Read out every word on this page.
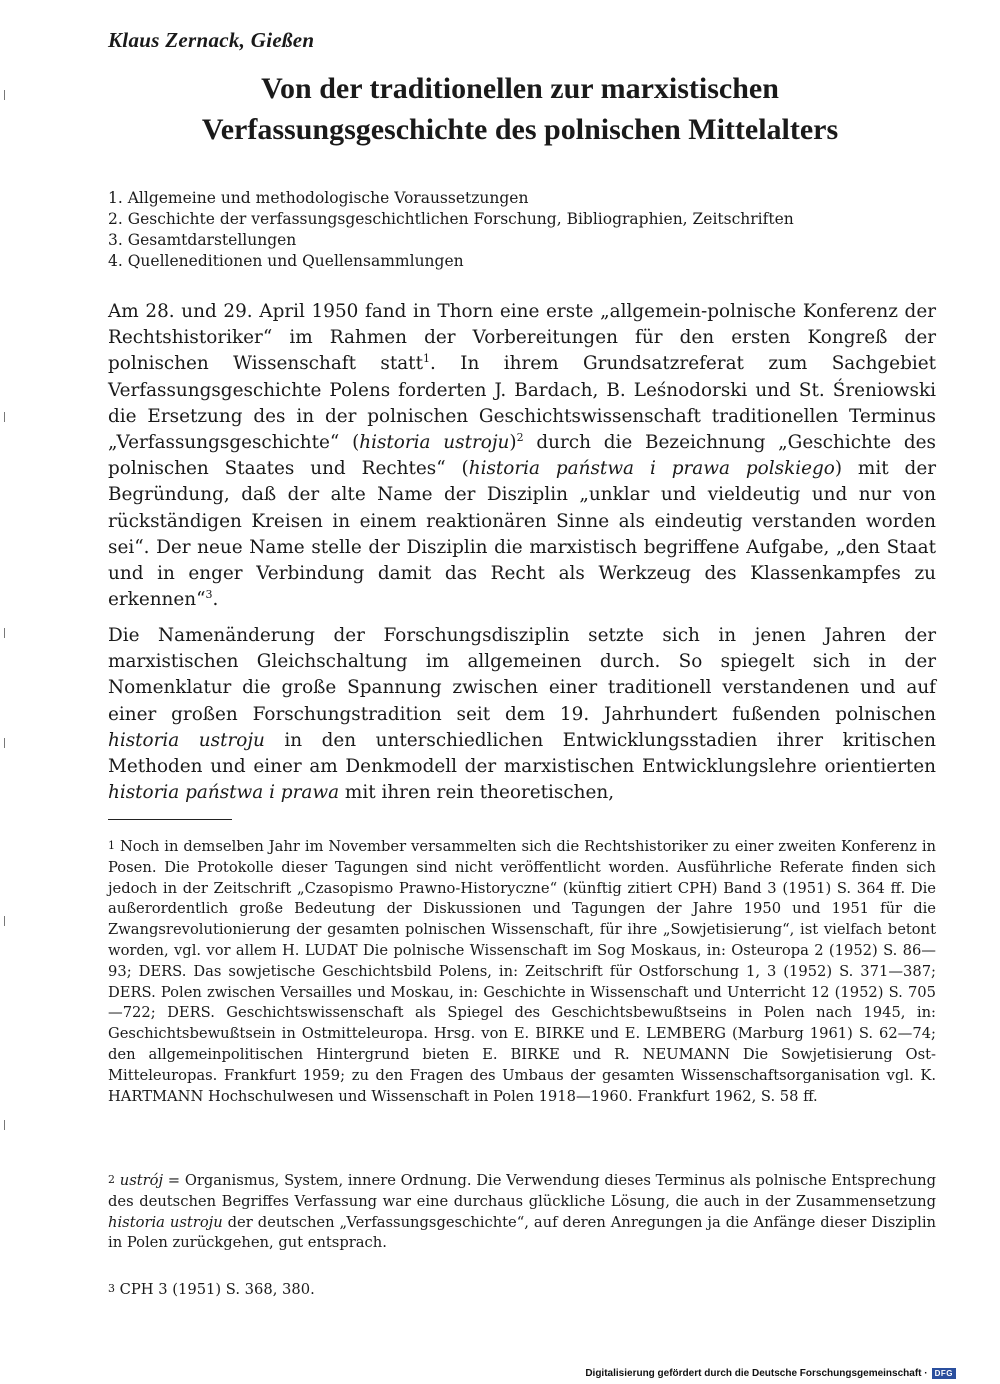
Klaus Zernack, Gießen
Von der traditionellen zur marxistischen
Verfassungsgeschichte des polnischen Mittelalters
1. Allgemeine und methodologische Voraussetzungen
2. Geschichte der verfassungsgeschichtlichen Forschung, Bibliographien, Zeitschriften
3. Gesamtdarstellungen
4. Quelleneditionen und Quellensammlungen

Am 28. und 29. April 1950 fand in Thorn eine erste „allgemein-polnische Konferenz der Rechtshistoriker“ im Rahmen der Vorbereitungen für den ersten Kongreß der polnischen Wissenschaft statt$^1$. In ihrem Grundsatzreferat zum Sachgebiet Verfassungsgeschichte Polens forderten J. Bardach, B. Leśnodorski und St. Śreniowski die Ersetzung des in der polnischen Geschichtswissenschaft traditionellen Terminus „Verfassungsgeschichte“ (historia ustroju)$^2$ durch die Bezeichnung „Geschichte des polnischen Staates und Rechtes“ (historia państwa i prawa polskiego) mit der Begründung, daß der alte Name der Disziplin „unklar und vieldeutig und nur von rückständigen Kreisen in einem reaktionären Sinne als eindeutig verstanden worden sei“. Der neue Name stelle der Disziplin die marxistisch begriffene Aufgabe, „den Staat und in enger Verbindung damit das Recht als Werkzeug des Klassenkampfes zu erkennen“$^3$.

Die Namenänderung der Forschungsdisziplin setzte sich in jenen Jahren der marxistischen Gleichschaltung im allgemeinen durch. So spiegelt sich in der Nomenklatur die große Spannung zwischen einer traditionell verstandenen und auf einer großen Forschungstradition seit dem 19. Jahrhundert fußenden polnischen historia ustroju in den unterschiedlichen Entwicklungsstadien ihrer kritischen Methoden und einer am Denkmodell der marxistischen Entwicklungslehre orientierten historia państwa i prawa mit ihren rein theoretischen,

$^1$ Noch in demselben Jahr im November versammelten sich die Rechtshistoriker zu einer zweiten Konferenz in Posen. Die Protokolle dieser Tagungen sind nicht veröffentlicht worden. Ausführliche Referate finden sich jedoch in der Zeitschrift „Czasopismo Prawno-Historyczne“ (künftig zitiert CPH) Band 3 (1951) S. 364 ff. Die außerordentlich große Bedeutung der Diskussionen und Tagungen der Jahre 1950 und 1951 für die Zwangsrevolutionierung der gesamten polnischen Wissenschaft, für ihre „Sowjetisierung“, ist vielfach betont worden, vgl. vor allem H. LUDAT Die polnische Wissenschaft im Sog Moskaus, in: Osteuropa 2 (1952) S. 86—93; DERS. Das sowjetische Geschichtsbild Polens, in: Zeitschrift für Ostforschung 1, 3 (1952) S. 371—387; DERS. Polen zwischen Versailles und Moskau, in: Geschichte in Wissenschaft und Unterricht 12 (1952) S. 705—722; DERS. Geschichtswissenschaft als Spiegel des Geschichtsbewußtseins in Polen nach 1945, in: Geschichtsbewußtsein in Ostmitteleuropa. Hrsg. von E. BIRKE und E. LEMBERG (Marburg 1961) S. 62—74; den allgemeinpolitischen Hintergrund bieten E. BIRKE und R. NEUMANN Die Sowjetisierung Ost-Mitteleuropas. Frankfurt 1959; zu den Fragen des Umbaus der gesamten Wissenschaftsorganisation vgl. K. HARTMANN Hochschulwesen und Wissenschaft in Polen 1918—1960. Frankfurt 1962, S. 58 ff.

$^2$ ustrój = Organismus, System, innere Ordnung. Die Verwendung dieses Terminus als polnische Entsprechung des deutschen Begriffes Verfassung war eine durchaus glückliche Lösung, die auch in der Zusammensetzung historia ustroju der deutschen „Verfassungsgeschichte“, auf deren Anregungen ja die Anfänge dieser Disziplin in Polen zurückgehen, gut entsprach.

$^3$ CPH 3 (1951) S. 368, 380.

Digitalisierung gefördert durch die Deutsche Forschungsgemeinschaft · DFG
